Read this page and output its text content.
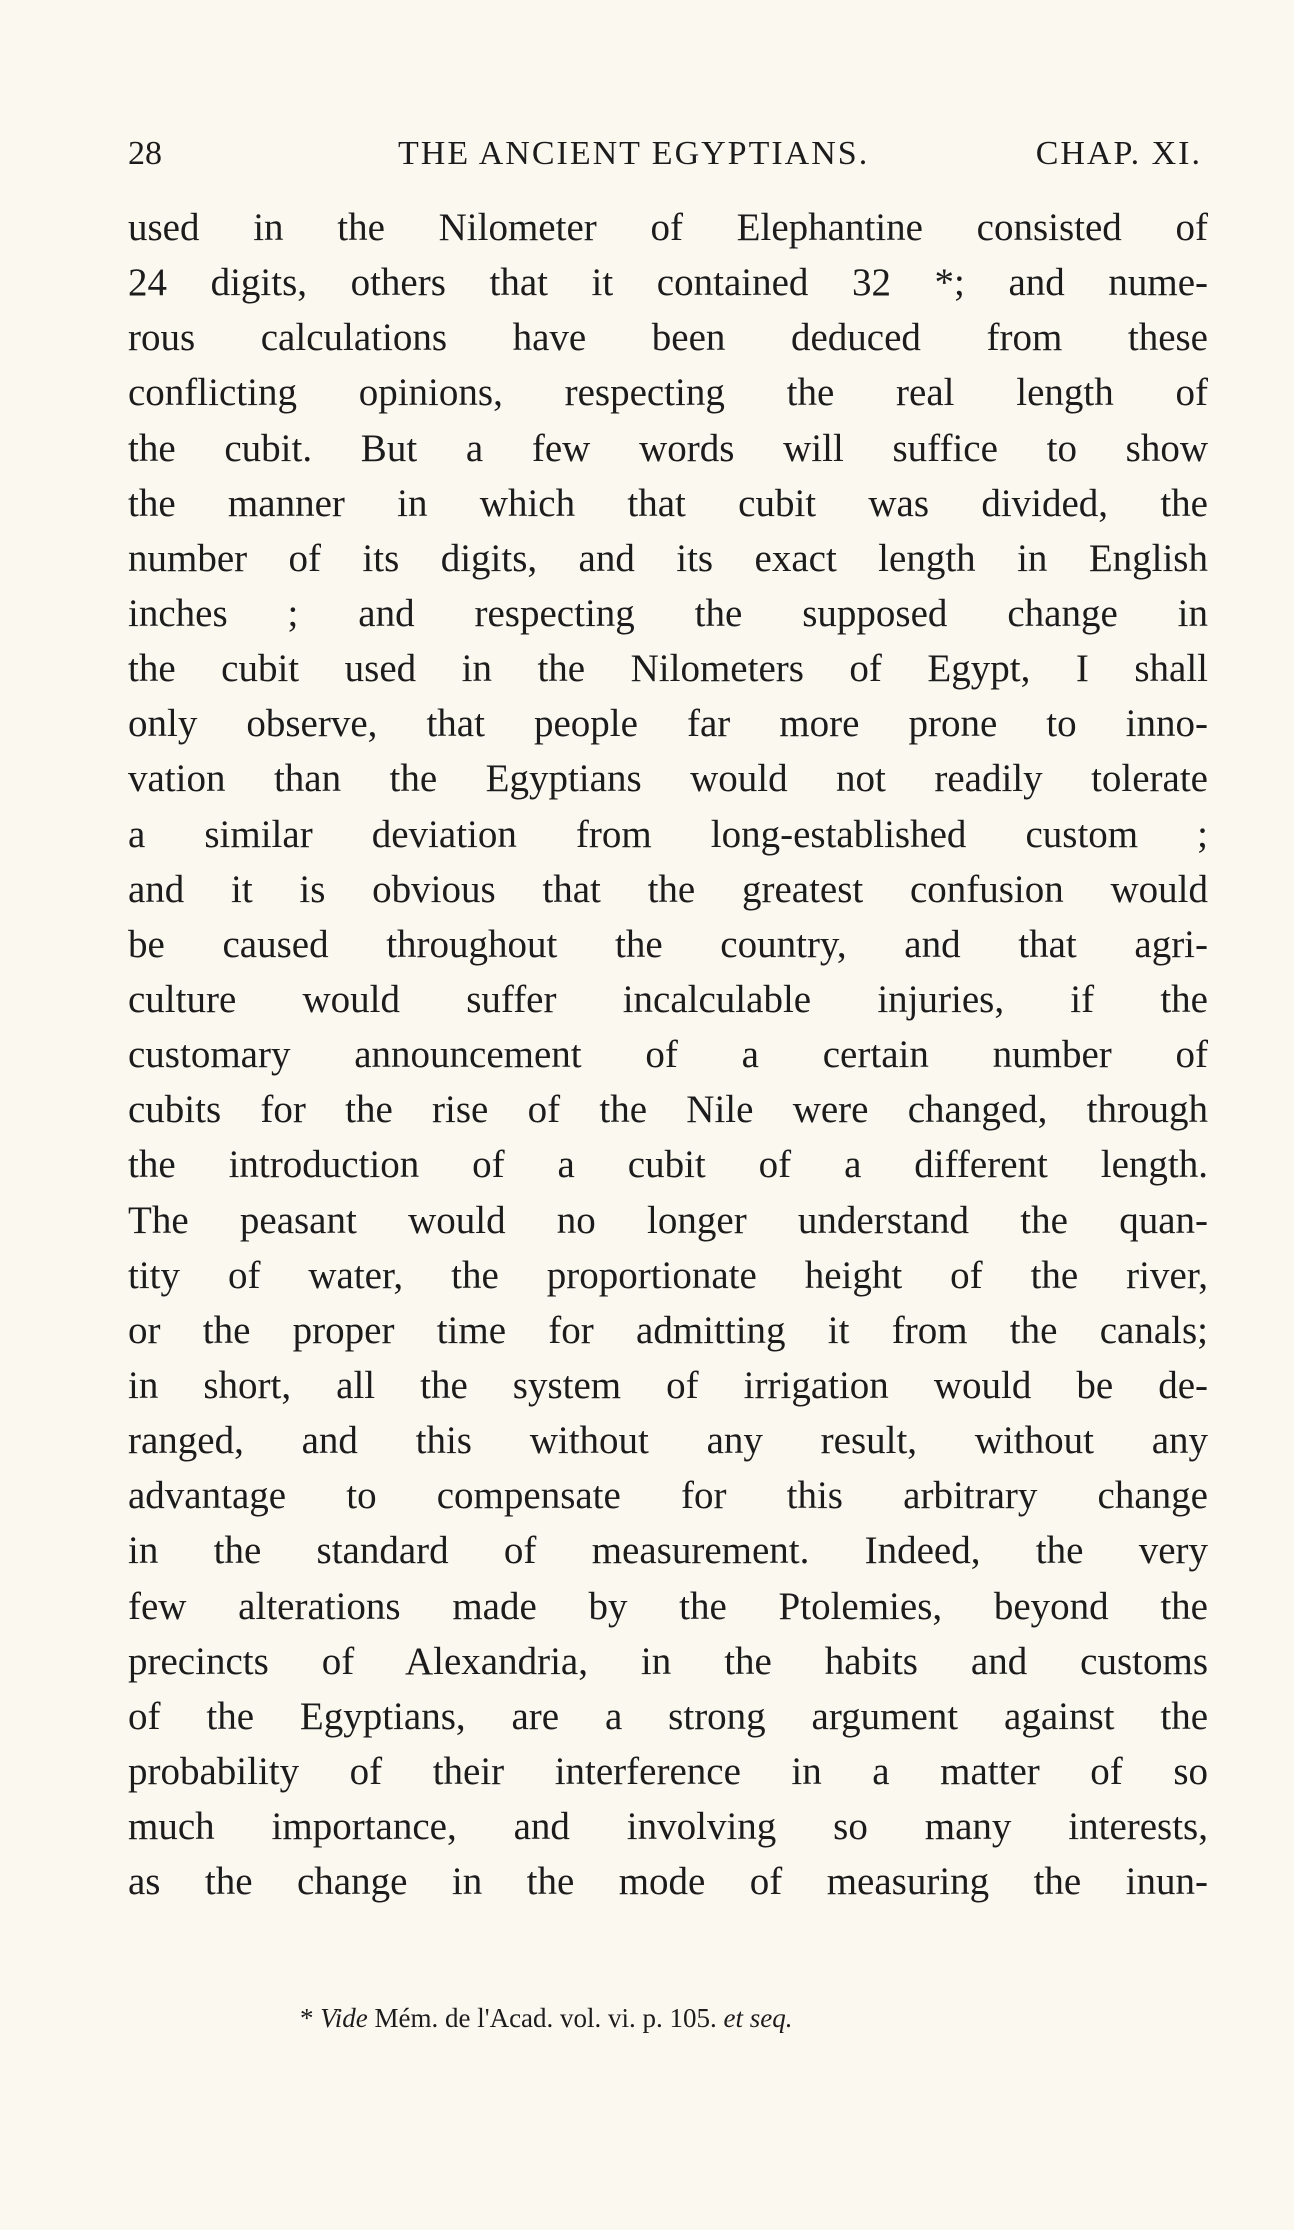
28	THE ANCIENT EGYPTIANS.	CHAP. XI.
used in the Nilometer of Elephantine consisted of
24 digits, others that it contained 32 *; and nume-
rous calculations have been deduced from these
conflicting opinions, respecting the real length of
the cubit. But a few words will suffice to show
the manner in which that cubit was divided, the
number of its digits, and its exact length in English
inches ; and respecting the supposed change in
the cubit used in the Nilometers of Egypt, I shall
only observe, that people far more prone to inno-
vation than the Egyptians would not readily tolerate
a similar deviation from long-established custom ;
and it is obvious that the greatest confusion would
be caused throughout the country, and that agri-
culture would suffer incalculable injuries, if the
customary announcement of a certain number of
cubits for the rise of the Nile were changed, through
the introduction of a cubit of a different length.
The peasant would no longer understand the quan-
tity of water, the proportionate height of the river,
or the proper time for admitting it from the canals;
in short, all the system of irrigation would be de-
ranged, and this without any result, without any
advantage to compensate for this arbitrary change
in the standard of measurement. Indeed, the very
few alterations made by the Ptolemies, beyond the
precincts of Alexandria, in the habits and customs
of the Egyptians, are a strong argument against the
probability of their interference in a matter of so
much importance, and involving so many interests,
as the change in the mode of measuring the inun-
* Vide Mém. de l'Acad. vol. vi. p. 105. et seq.
